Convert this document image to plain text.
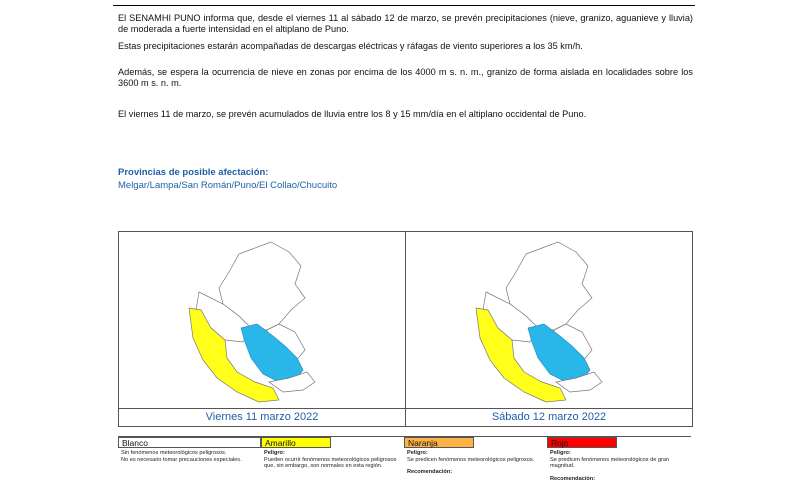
El SENAMHI PUNO informa que, desde el viernes 11 al sábado 12 de marzo, se prevén precipitaciones (nieve, granizo, aguanieve y lluvia) de moderada a fuerte intensidad en el altiplano de Puno.
Estas precipitaciones estarán acompañadas de descargas eléctricas y ráfagas de viento superiores a los 35 km/h.
Además, se espera la ocurrencia de nieve en zonas por encima de los 4000 m s. n. m., granizo de forma aislada en localidades sobre los 3600 m s. n. m.
El viernes 11 de marzo, se prevén acumulados de lluvia entre los 8 y 15 mm/día en el altiplano occidental de Puno.
Provincias de posible afectación:
Melgar/Lampa/San Román/Puno/El Collao/Chucuito
Viernes 11 marzo 2022	Sábado 12 marzo 2022
Blanco
Sin fenómenos meteorológicos peligrosos.
No es necesario tomar precauciones especiales.
Amarillo
Peligro:
Pueden ocurrir fenómenos meteorológicos peligrosos que, sin embargo, son normales en esta región.
Naranja
Peligro:
Se predicen fenómenos meteorológicos peligrosos.
Recomendación:
Rojo
Peligro:
Se predicen fenómenos meteorológicos de gran magnitud.
Recomendación:
